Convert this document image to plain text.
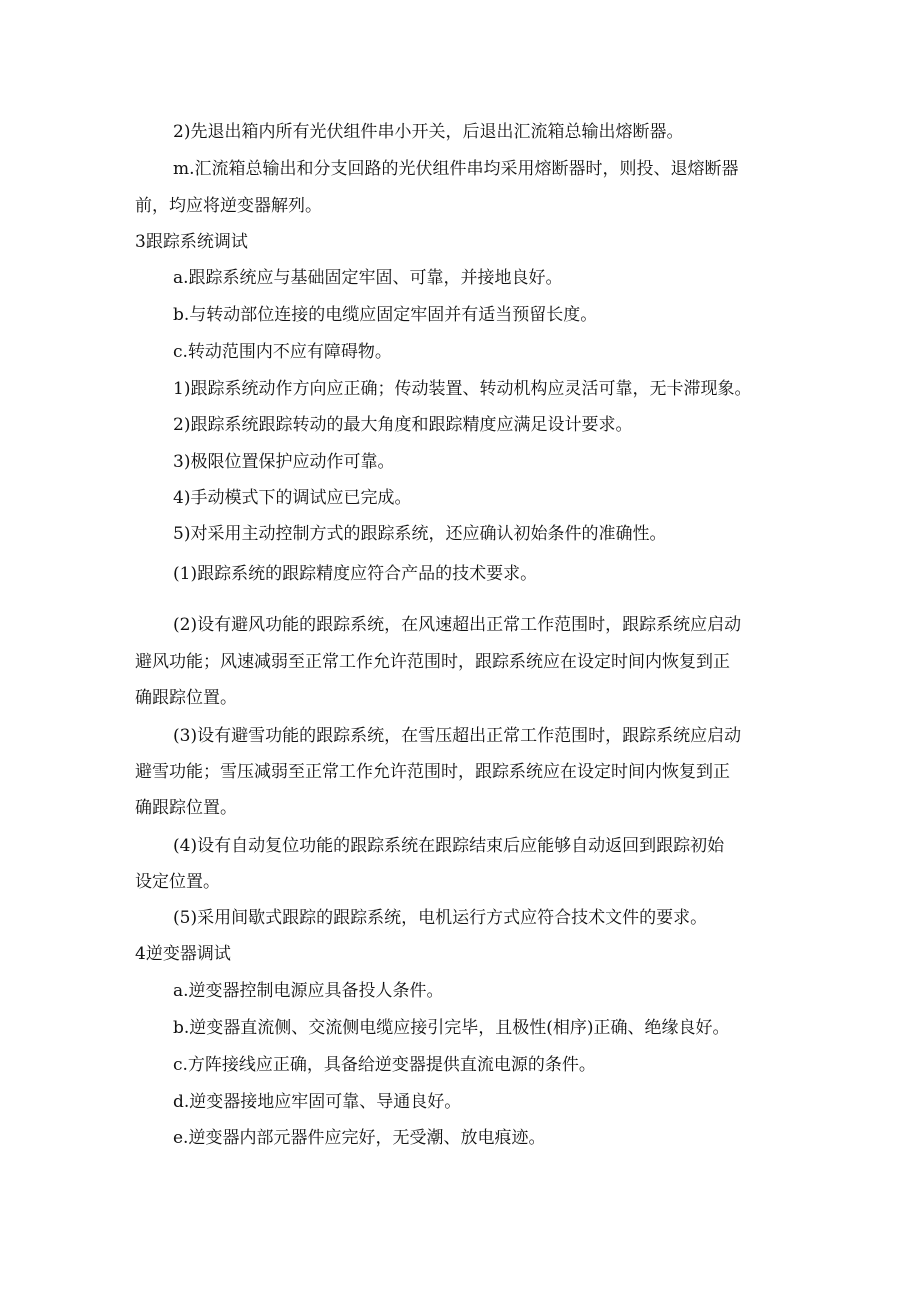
2)先退出箱内所有光伏组件串小开关，后退出汇流箱总输出熔断器。

m.汇流箱总输出和分支回路的光伏组件串均采用熔断器时，则投、退熔断器

前，均应将逆变器解列。

3跟踪系统调试

a.跟踪系统应与基础固定牢固、可靠，并接地良好。

b.与转动部位连接的电缆应固定牢固并有适当预留长度。

c.转动范围内不应有障碍物。

1)跟踪系统动作方向应正确；传动装置、转动机构应灵活可靠，无卡滞现象。

2)跟踪系统跟踪转动的最大角度和跟踪精度应满足设计要求。

3)极限位置保护应动作可靠。

4)手动模式下的调试应已完成。

5)对采用主动控制方式的跟踪系统，还应确认初始条件的准确性。

(1)跟踪系统的跟踪精度应符合产品的技术要求。

(2)设有避风功能的跟踪系统，在风速超出正常工作范围时，跟踪系统应启动

避风功能；风速减弱至正常工作允许范围时，跟踪系统应在设定时间内恢复到正

确跟踪位置。

(3)设有避雪功能的跟踪系统，在雪压超出正常工作范围时，跟踪系统应启动

避雪功能；雪压减弱至正常工作允许范围时，跟踪系统应在设定时间内恢复到正

确跟踪位置。

(4)设有自动复位功能的跟踪系统在跟踪结束后应能够自动返回到跟踪初始

设定位置。

(5)采用间歇式跟踪的跟踪系统，电机运行方式应符合技术文件的要求。

4逆变器调试

a.逆变器控制电源应具备投人条件。

b.逆变器直流侧、交流侧电缆应接引完毕，且极性(相序)正确、绝缘良好。

c.方阵接线应正确，具备给逆变器提供直流电源的条件。

d.逆变器接地应牢固可靠、导通良好。

e.逆变器内部元器件应完好，无受潮、放电痕迹。
